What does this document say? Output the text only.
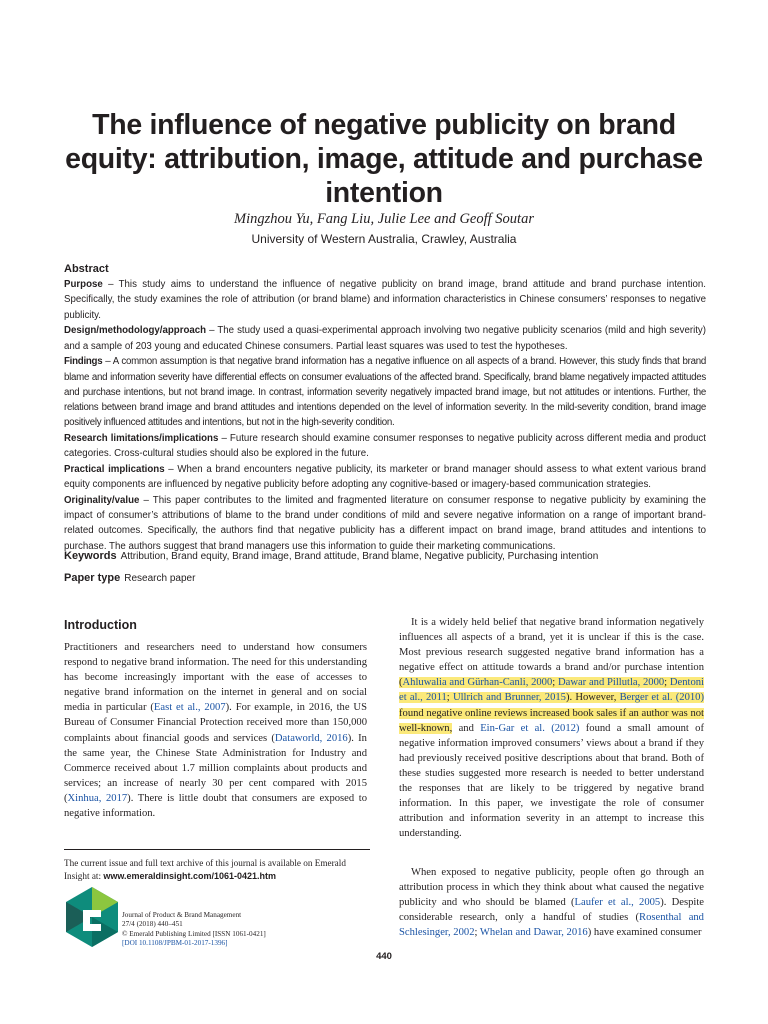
The influence of negative publicity on brand equity: attribution, image, attitude and purchase intention
Mingzhou Yu, Fang Liu, Julie Lee and Geoff Soutar
University of Western Australia, Crawley, Australia
Abstract

Purpose – This study aims to understand the influence of negative publicity on brand image, brand attitude and brand purchase intention. Specifically, the study examines the role of attribution (or brand blame) and information characteristics in Chinese consumers’ responses to negative publicity.

Design/methodology/approach – The study used a quasi-experimental approach involving two negative publicity scenarios (mild and high severity) and a sample of 203 young and educated Chinese consumers. Partial least squares was used to test the hypotheses.

Findings – A common assumption is that negative brand information has a negative influence on all aspects of a brand. However, this study finds that brand blame and information severity have differential effects on consumer evaluations of the affected brand. Specifically, brand blame negatively impacted attitudes and purchase intentions, but not brand image. In contrast, information severity negatively impacted brand image, but not attitudes or intentions. Further, the relations between brand image and brand attitudes and intentions depended on the level of information severity. In the mild-severity condition, brand image positively influenced attitudes and intentions, but not in the high-severity condition.

Research limitations/implications – Future research should examine consumer responses to negative publicity across different media and product categories. Cross-cultural studies should also be explored in the future.

Practical implications – When a brand encounters negative publicity, its marketer or brand manager should assess to what extent various brand equity components are influenced by negative publicity before adopting any cognitive-based or imagery-based communication strategies.

Originality/value – This paper contributes to the limited and fragmented literature on consumer response to negative publicity by examining the impact of consumer’s attributions of blame to the brand under conditions of mild and severe negative information on a range of important brand-related outcomes. Specifically, the authors find that negative publicity has a different impact on brand image, brand attitudes and intentions to purchase. The authors suggest that brand managers use this information to guide their marketing communications.

Keywords Attribution, Brand equity, Brand image, Brand attitude, Brand blame, Negative publicity, Purchasing intention
Paper type Research paper
Introduction

Practitioners and researchers need to understand how consumers respond to negative brand information. The need for this understanding has become increasingly important with the ease of accesses to negative brand information on the internet in general and on social media in particular (East et al., 2007). For example, in 2016, the US Bureau of Consumer Financial Protection received more than 150,000 complaints about financial goods and services (Dataworld, 2016). In the same year, the Chinese State Administration for Industry and Commerce received about 1.7 million complaints about products and services; an increase of nearly 30 per cent compared with 2015 (Xinhua, 2017). There is little doubt that consumers are exposed to negative information.

It is a widely held belief that negative brand information negatively influences all aspects of a brand, yet it is unclear if this is the case. Most previous research suggested negative brand information has a negative effect on attitude towards a brand and/or purchase intention (Ahluwalia and Gürhan-Canli, 2000; Dawar and Pillutla, 2000; Dentoni et al., 2011; Ullrich and Brunner, 2015). However, Berger et al. (2010) found negative online reviews increased book sales if an author was not well-known, and Ein-Gar et al. (2012) found a small amount of negative information improved consumers’ views about a brand if they had previously received positive descriptions about that brand. Both of these studies suggested more research is needed to better understand the responses that are likely to be triggered by negative brand information. In this paper, we investigate the role of consumer attribution and information severity in an attempt to increase this understanding.

When exposed to negative publicity, people often go through an attribution process in which they think about what caused the negative publicity and who should be blamed (Laufer et al., 2005). Despite considerable research, only a handful of studies (Rosenthal and Schlesinger, 2002; Whelan and Dawar, 2016) have examined consumer

The current issue and full text archive of this journal is available on Emerald Insight at: www.emeraldinsight.com/1061-0421.htm
Journal of Product & Brand Management
27/4 (2018) 440–451
© Emerald Publishing Limited [ISSN 1061-0421]
[DOI 10.1108/JPBM-01-2017-1396]
440
